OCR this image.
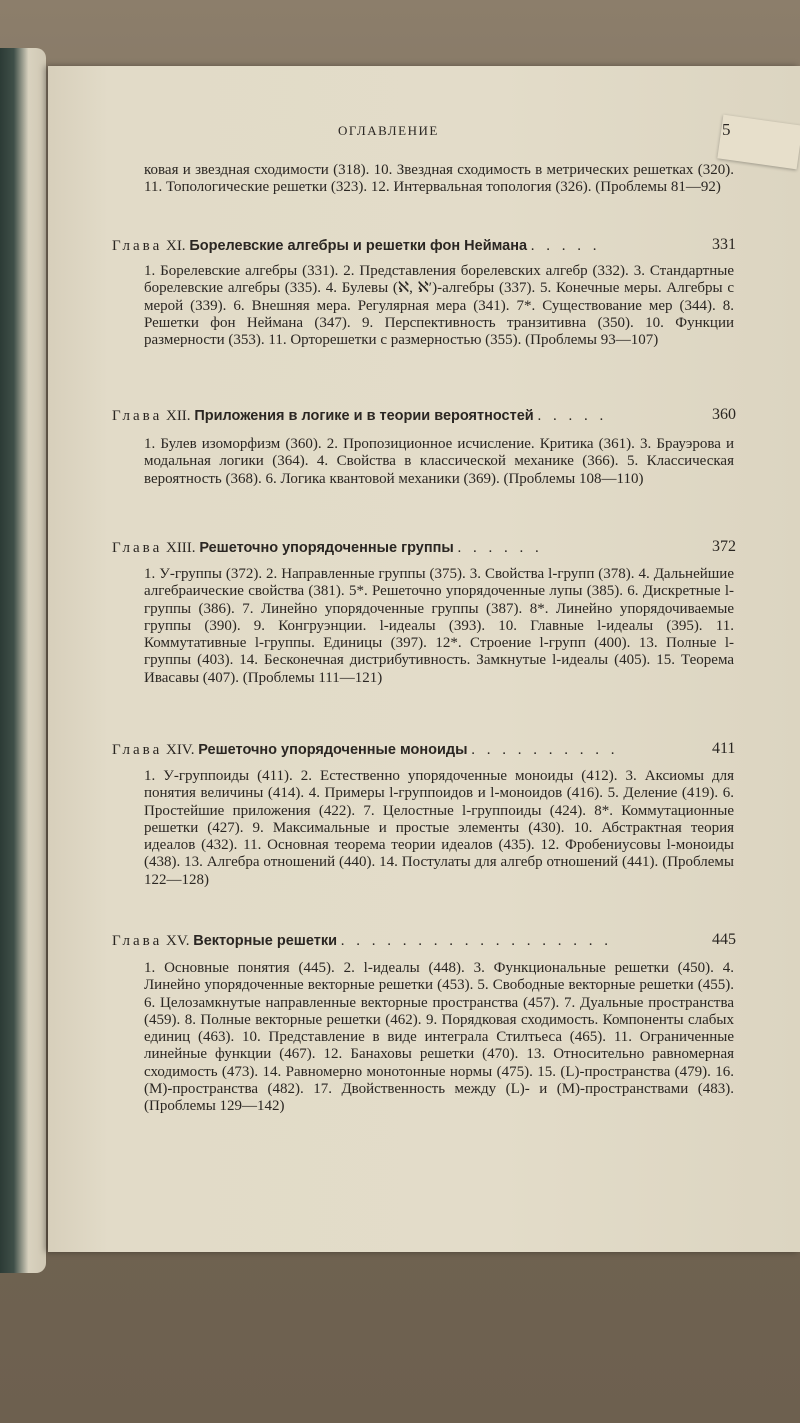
ОГЛАВЛЕНИЕ	5
ковая и звездная сходимости (318). 10. Звездная сходимость в метрических решетках (320). 11. Топологические решетки (323). 12. Интервальная топология (326). (Проблемы 81—92)
Глава XI. Борелевские алгебры и решетки фон Неймана . . . . .	331
1. Борелевские алгебры (331). 2. Представления борелевских алгебр (332). 3. Стандартные борелевские алгебры (335). 4. Булевы (ℵ, ℵ′)-алгебры (337). 5. Конечные меры. Алгебры с мерой (339). 6. Внешняя мера. Регулярная мера (341). 7*. Существование мер (344). 8. Решетки фон Неймана (347). 9. Перспективность транзитивна (350). 10. Функции размерности (353). 11. Орторешетки с размерностью (355). (Проблемы 93—107)
Глава XII. Приложения в логике и в теории вероятностей . . . . .	360
1. Булев изоморфизм (360). 2. Пропозиционное исчисление. Критика (361). 3. Брауэрова и модальная логики (364). 4. Свойства в классической механике (366). 5. Классическая вероятность (368). 6. Логика квантовой механики (369). (Проблемы 108—110)
Глава XIII. Решеточно упорядоченные группы . . . . . .	372
1. У-группы (372). 2. Направленные группы (375). 3. Свойства l-групп (378). 4. Дальнейшие алгебраические свойства (381). 5*. Решеточно упорядоченные лупы (385). 6. Дискретные l-группы (386). 7. Линейно упорядоченные группы (387). 8*. Линейно упорядочиваемые группы (390). 9. Конгруэнции. l-идеалы (393). 10. Главные l-идеалы (395). 11. Коммутативные l-группы. Единицы (397). 12*. Строение l-групп (400). 13. Полные l-группы (403). 14. Бесконечная дистрибутивность. Замкнутые l-идеалы (405). 15. Теорема Ивасавы (407). (Проблемы 111—121)
Глава XIV. Решеточно упорядоченные моноиды . . . . . . . . . .	411
1. У-группоиды (411). 2. Естественно упорядоченные моноиды (412). 3. Аксиомы для понятия величины (414). 4. Примеры l-группоидов и l-моноидов (416). 5. Деление (419). 6. Простейшие приложения (422). 7. Целостные l-группоиды (424). 8*. Коммутационные решетки (427). 9. Максимальные и простые элементы (430). 10. Абстрактная теория идеалов (432). 11. Основная теорема теории идеалов (435). 12. Фробениусовы l-моноиды (438). 13. Алгебра отношений (440). 14. Постулаты для алгебр отношений (441). (Проблемы 122—128)
Глава XV. Векторные решетки . . . . . . . . . . . . . . . . . .	445
1. Основные понятия (445). 2. l-идеалы (448). 3. Функциональные решетки (450). 4. Линейно упорядоченные векторные решетки (453). 5. Свободные векторные решетки (455). 6. Целозамкнутые направленные векторные пространства (457). 7. Дуальные пространства (459). 8. Полные векторные решетки (462). 9. Порядковая сходимость. Компоненты слабых единиц (463). 10. Представление в виде интеграла Стилтьеса (465). 11. Ограниченные линейные функции (467). 12. Банаховы решетки (470). 13. Относительно равномерная сходимость (473). 14. Равномерно монотонные нормы (475). 15. (L)-пространства (479). 16. (M)-пространства (482). 17. Двойственность между (L)- и (M)-пространствами (483). (Проблемы 129—142)
